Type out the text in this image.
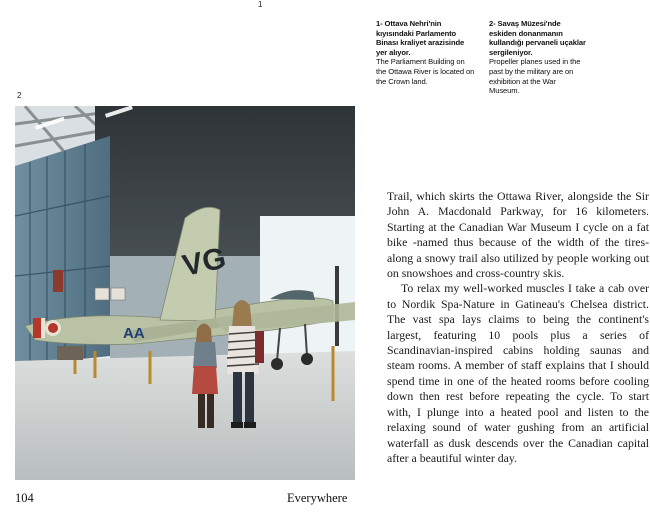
1
2
1- Ottava Nehri'nin kıyısındaki Parlamento Binası kraliyet arazisinde yer alıyor.
The Parliament Building on the Ottawa River is located on the Crown land.
2- Savaş Müzesi'nde eskiden donanmanın kullandığı pervaneli uçaklar sergileniyor.
Propeller planes used in the past by the military are on exhibition at the War Museum.
VG
AA

Trail, which skirts the Ottawa River, alongside the Sir John A. Macdonald Parkway, for 16 kilometers. Starting at the Canadian War Museum I cycle on a fat bike -named thus because of the width of the tires- along a snowy trail also utilized by people working out on snowshoes and cross-country skis.

To relax my well-worked muscles I take a cab over to Nordik Spa-Nature in Gatineau's Chelsea district. The vast spa lays claims to being the continent's largest, featuring 10 pools plus a series of Scandinavian-inspired cabins holding saunas and steam rooms. A member of staff explains that I should spend time in one of the heated rooms before cooling down then rest before repeating the cycle. To start with, I plunge into a heated pool and listen to the relaxing sound of water gushing from an artificial waterfall as dusk descends over the Canadian capital after a beautiful winter day.

104	Everywhere
